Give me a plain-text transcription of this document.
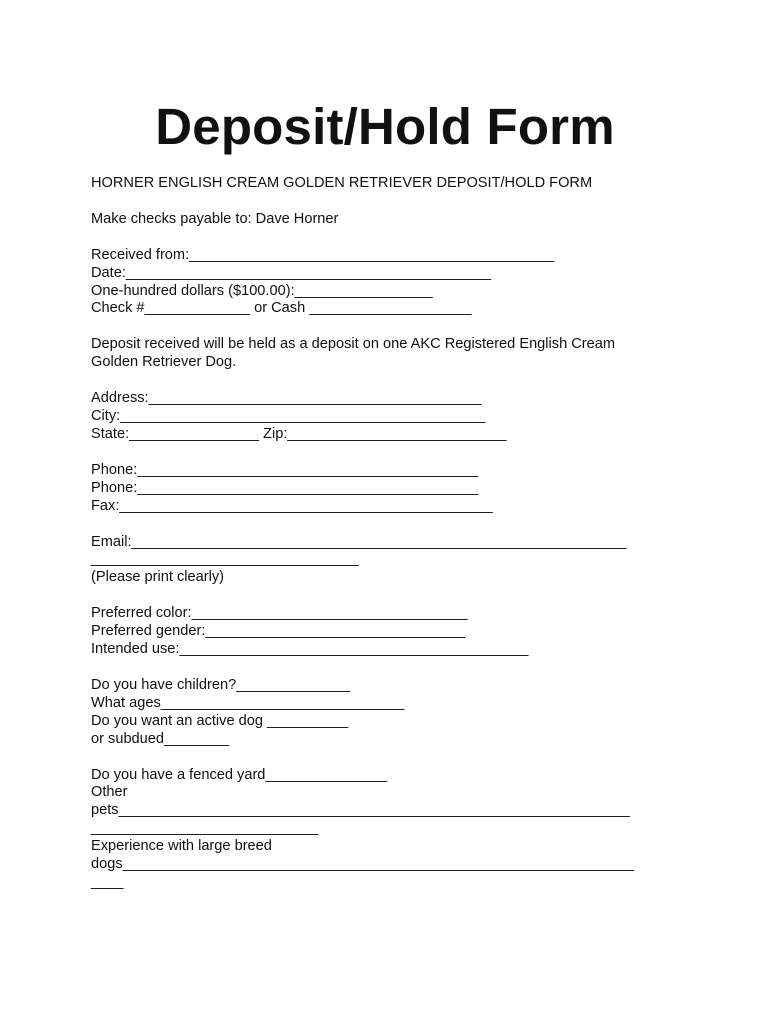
Deposit/Hold Form
HORNER ENGLISH CREAM GOLDEN RETRIEVER DEPOSIT/HOLD FORM
Make checks payable to: Dave Horner
Received from:_____________________________________________
Date:_____________________________________________
One-hundred dollars ($100.00):_________________
Check #_____________ or Cash ____________________
Deposit received will be held as a deposit on one AKC Registered English Cream
Golden Retriever Dog.
Address:_________________________________________
City:_____________________________________________
State:________________ Zip:___________________________
Phone:__________________________________________
Phone:__________________________________________
Fax:______________________________________________
Email:_____________________________________________________________
_________________________________
(Please print clearly)
Preferred color:__________________________________
Preferred gender:________________________________
Intended use:___________________________________________
Do you have children?______________
What ages______________________________
Do you want an active dog __________
or subdued________
Do you have a fenced yard_______________
Other
pets_______________________________________________________________
____________________________
Experience with large breed
dogs_______________________________________________________________
____
